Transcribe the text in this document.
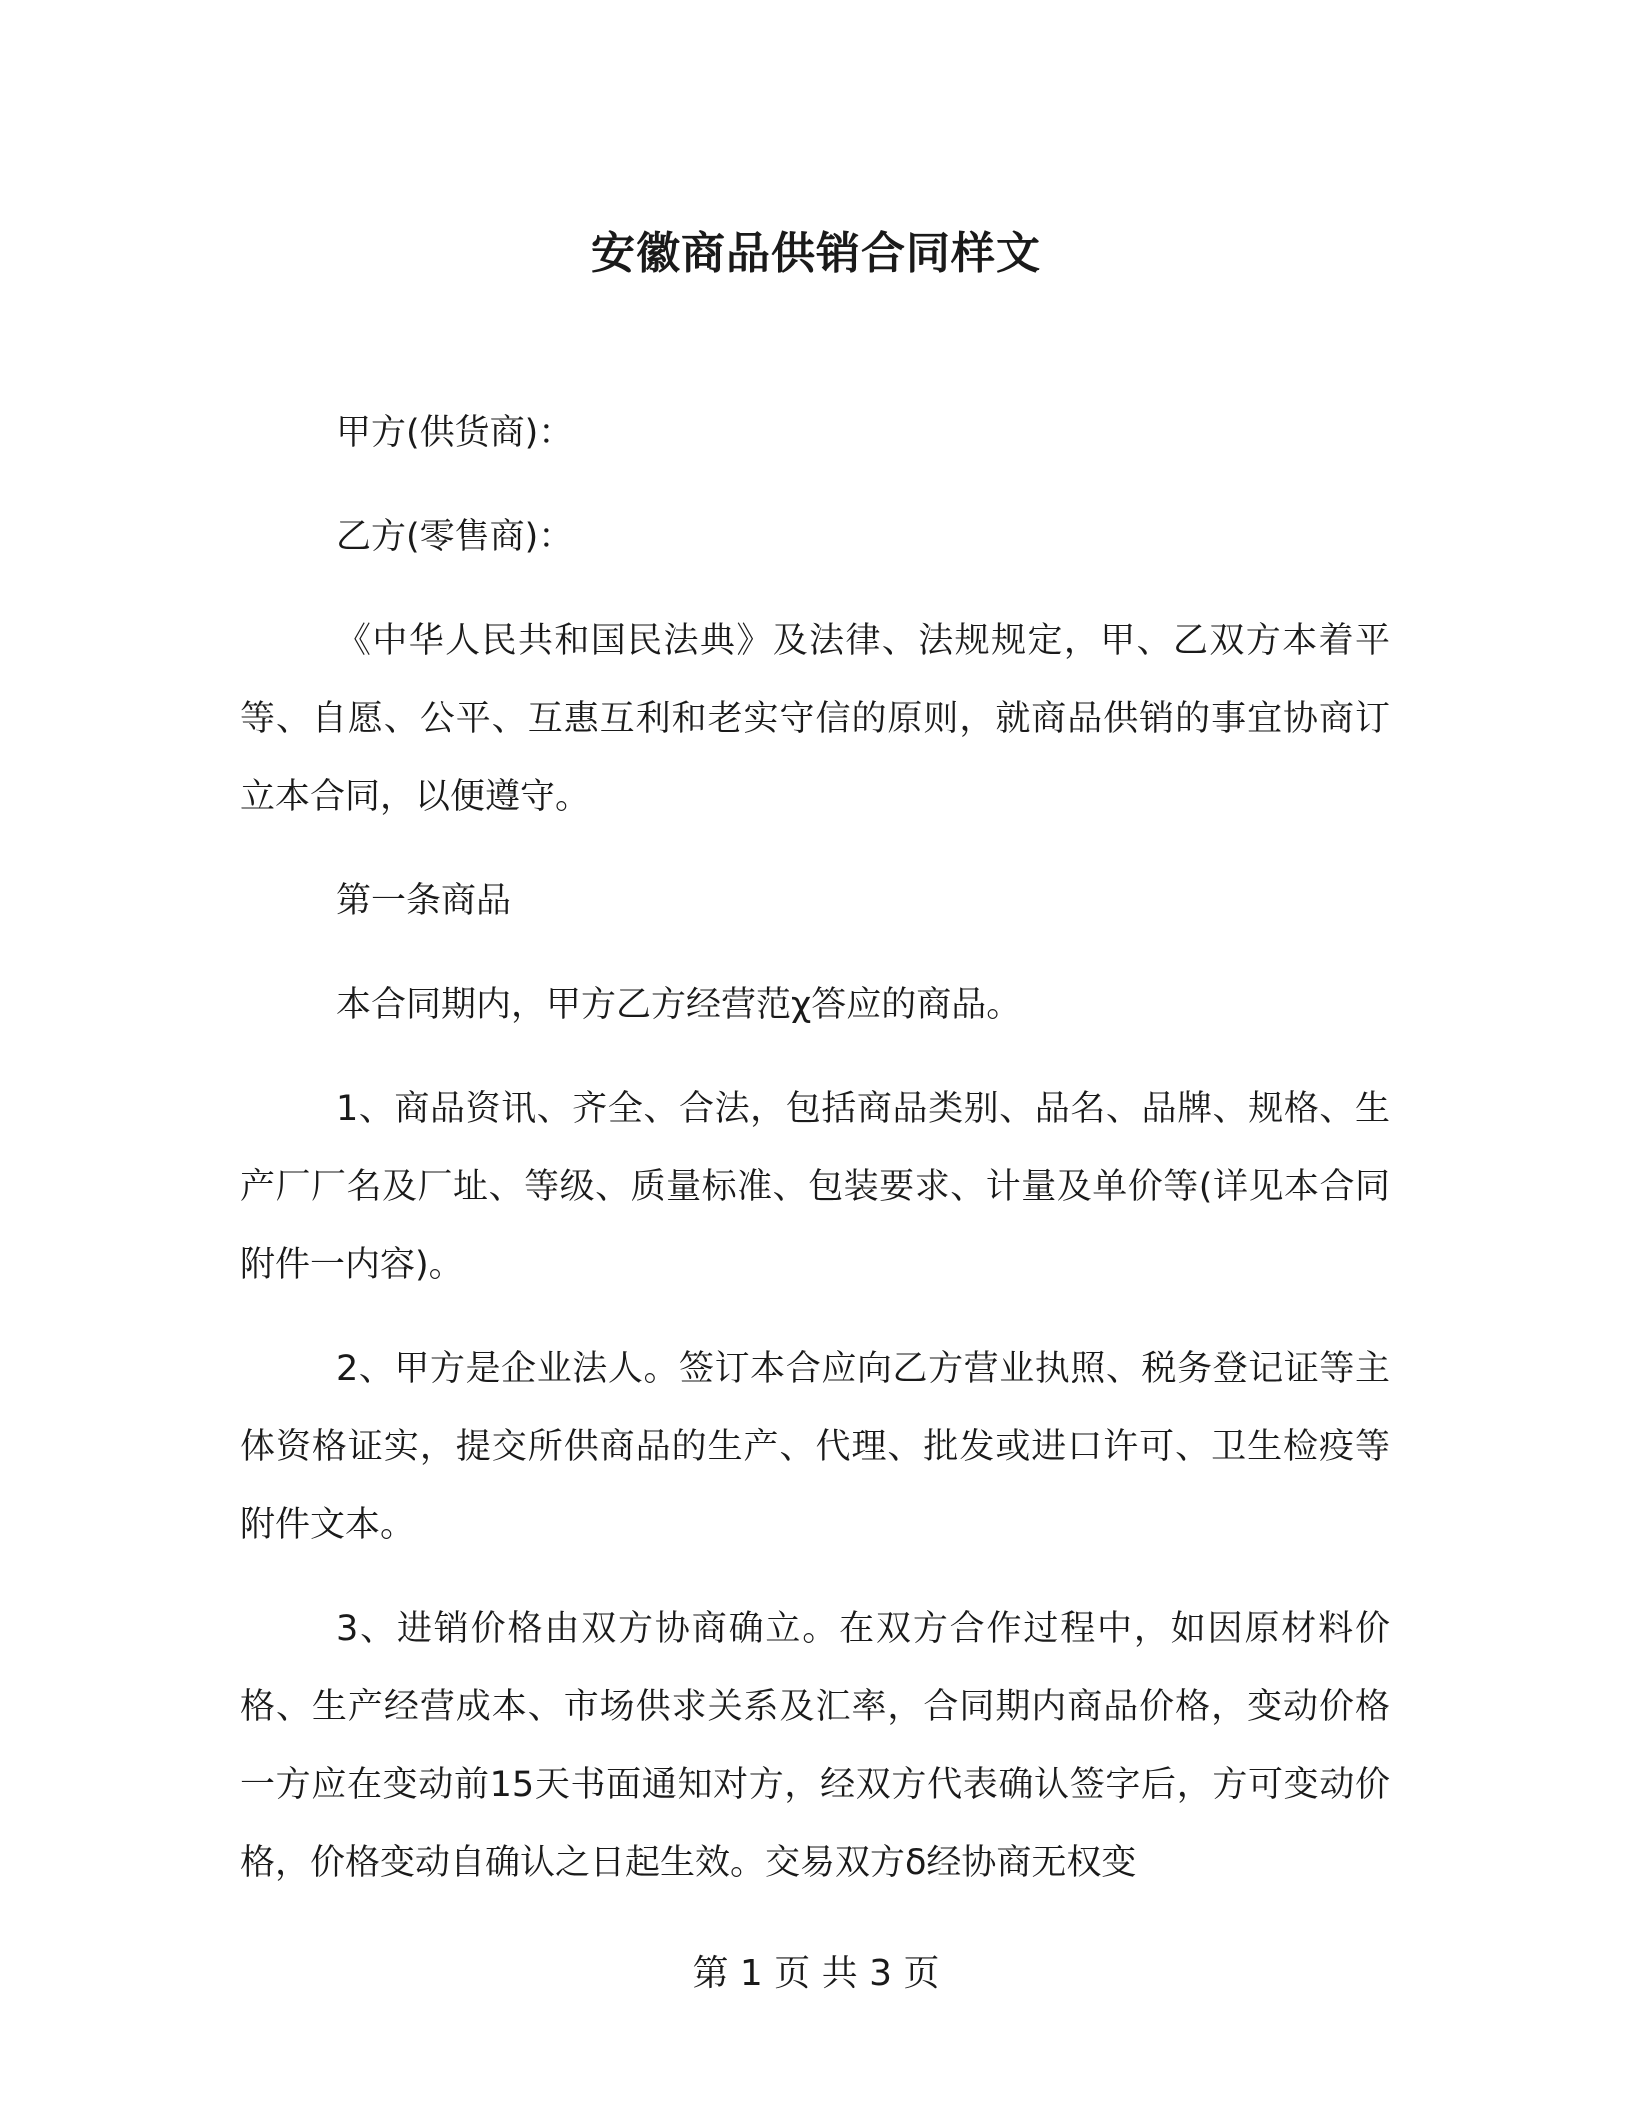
安徽商品供销合同样文

甲方(供货商)：

乙方(零售商)：

《中华人民共和国民法典》及法律、法规规定，甲、乙双方本着平等、自愿、公平、互惠互利和老实守信的原则，就商品供销的事宜协商订立本合同，以便遵守。

第一条商品

本合同期内，甲方乙方经营范χ答应的商品。

1、商品资讯、齐全、合法，包括商品类别、品名、品牌、规格、生产厂厂名及厂址、等级、质量标准、包装要求、计量及单价等(详见本合同附件一内容)。

2、甲方是企业法人。签订本合应向乙方营业执照、税务登记证等主体资格证实，提交所供商品的生产、代理、批发或进口许可、卫生检疫等附件文本。

3、进销价格由双方协商确立。在双方合作过程中，如因原材料价格、生产经营成本、市场供求关系及汇率，合同期内商品价格，变动价格一方应在变动前15天书面通知对方，经双方代表确认签字后，方可变动价格，价格变动自确认之日起生效。交易双方δ经协商无权变

第 1 页 共 3 页
